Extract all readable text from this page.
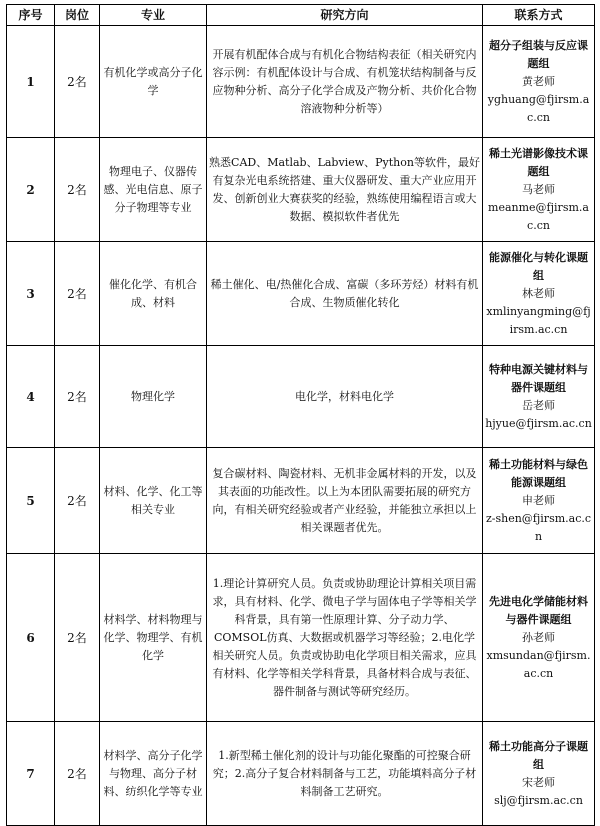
序号	岗位	专业	研究方向	联系方式
1	2名	有机化学或高分子化学	开展有机配体合成与有机化合物结构表征（相关研究内容示例：有机配体设计与合成、有机笼状结构制备与反应物种分析、高分子化学合成及产物分析、共价化合物溶液物种分析等）	超分子组装与反应课题组
黄老师
yghuang@fjirsm.ac.cn

2	2名	物理电子、仪器传感、光电信息、原子分子物理等专业	熟悉CAD、Matlab、Labview、Python等软件，最好有复杂光电系统搭建、重大仪器研发、重大产业应用开发、创新创业大赛获奖的经验，熟练使用编程语言或大数据、模拟软件者优先	稀土光谱影像技术课题组
马老师
meanme@fjirsm.ac.cn

3	2名	催化化学、有机合成、材料	稀土催化、电/热催化合成、富碳（多环芳烃）材料有机合成、生物质催化转化	能源催化与转化课题组
林老师
xmlinyangming@fjirsm.ac.cn

4	2名	物理化学	电化学，材料电化学	特种电源关键材料与器件课题组
岳老师
hjyue@fjirsm.ac.cn

5	2名	材料、化学、化工等相关专业	复合碳材料、陶瓷材料、无机非金属材料的开发，以及其表面的功能改性。以上为本团队需要拓展的研究方向，有相关研究经验或者产业经验，并能独立承担以上相关课题者优先。	稀土功能材料与绿色能源课题组
申老师
z-shen@fjirsm.ac.cn

6	2名	材料学、材料物理与化学、物理学、有机化学	1.理论计算研究人员。负责或协助理论计算相关项目需求，具有材料、化学、微电子学与固体电子学等相关学科背景，具有第一性原理计算、分子动力学、COMSOL仿真、大数据或机器学习等经验；2.电化学相关研究人员。负责或协助电化学项目相关需求，应具有材料、化学等相关学科背景，具备材料合成与表征、器件制备与测试等研究经历。	先进电化学储能材料与器件课题组
孙老师
xmsundan@fjirsm.ac.cn

7	2名	材料学、高分子化学与物理、高分子材料、纺织化学等专业	1.新型稀土催化剂的设计与功能化聚酯的可控聚合研究；2.高分子复合材料制备与工艺，功能填料高分子材料制备工艺研究。	稀土功能高分子课题组
宋老师
slj@fjirsm.ac.cn
